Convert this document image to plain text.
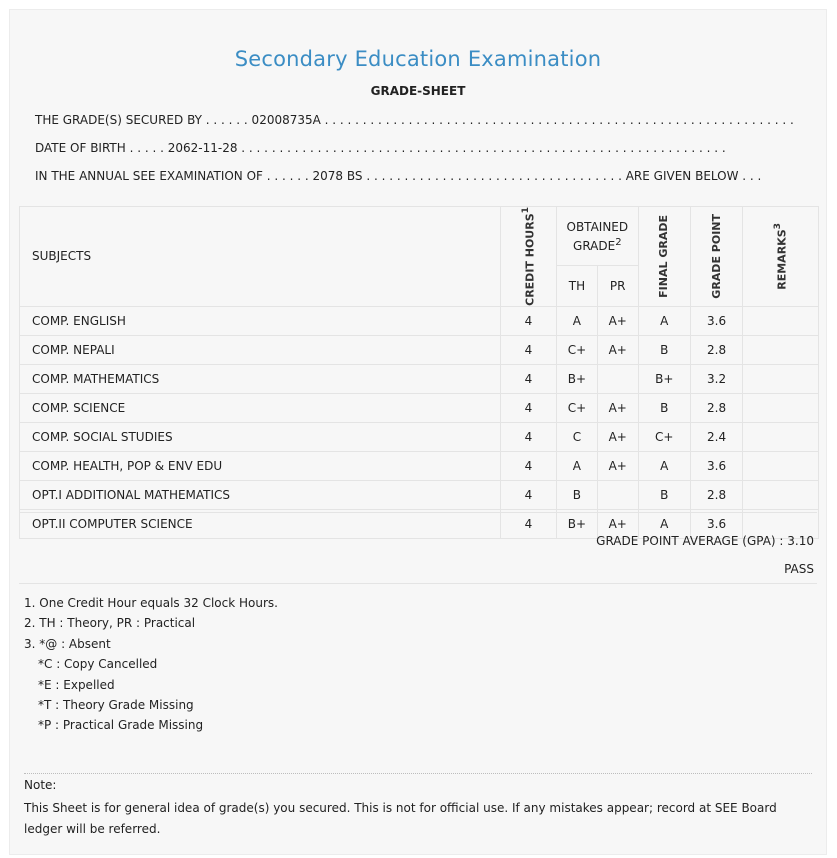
Secondary Education Examination
GRADE-SHEET
THE GRADE(S) SECURED BY . . . . . . 02008735A . . . . . . . . . . . . . . . . . . . . . . . . . . . . . . . . . . . . . . . . . . . . . . . . . . . . . . . . . . . . . .
DATE OF BIRTH . . . . . 2062-11-28 . . . . . . . . . . . . . . . . . . . . . . . . . . . . . . . . . . . . . . . . . . . . . . . . . . . . . . . . . . . . . . . .
IN THE ANNUAL SEE EXAMINATION OF . . . . . . 2078 BS . . . . . . . . . . . . . . . . . . . . . . . . . . . . . . . . . . ARE GIVEN BELOW . . .
SUBJECTS	CREDIT HOURS$^1$	OBTAINED GRADE$^2$		FINAL GRADE	GRADE POINT	REMARKS$^3$

		TH	PR			
COMP. ENGLISH	4	A	A+	A	3.6	
COMP. NEPALI	4	C+	A+	B	2.8	
COMP. MATHEMATICS	4	B+		B+	3.2	
COMP. SCIENCE	4	C+	A+	B	2.8	
COMP. SOCIAL STUDIES	4	C	A+	C+	2.4	
COMP. HEALTH, POP & ENV EDU	4	A	A+	A	3.6	
OPT.I ADDITIONAL MATHEMATICS	4	B		B	2.8	
OPT.II COMPUTER SCIENCE	4	B+	A+	A	3.6	
GRADE POINT AVERAGE (GPA) : 3.10
PASS
1. One Credit Hour equals 32 Clock Hours.
2. TH : Theory, PR : Practical
3. *@ : Absent
*C : Copy Cancelled
*E : Expelled
*T : Theory Grade Missing
*P : Practical Grade Missing
Note:
This Sheet is for general idea of grade(s) you secured. This is not for official use. If any mistakes appear; record at SEE Board ledger will be referred.
